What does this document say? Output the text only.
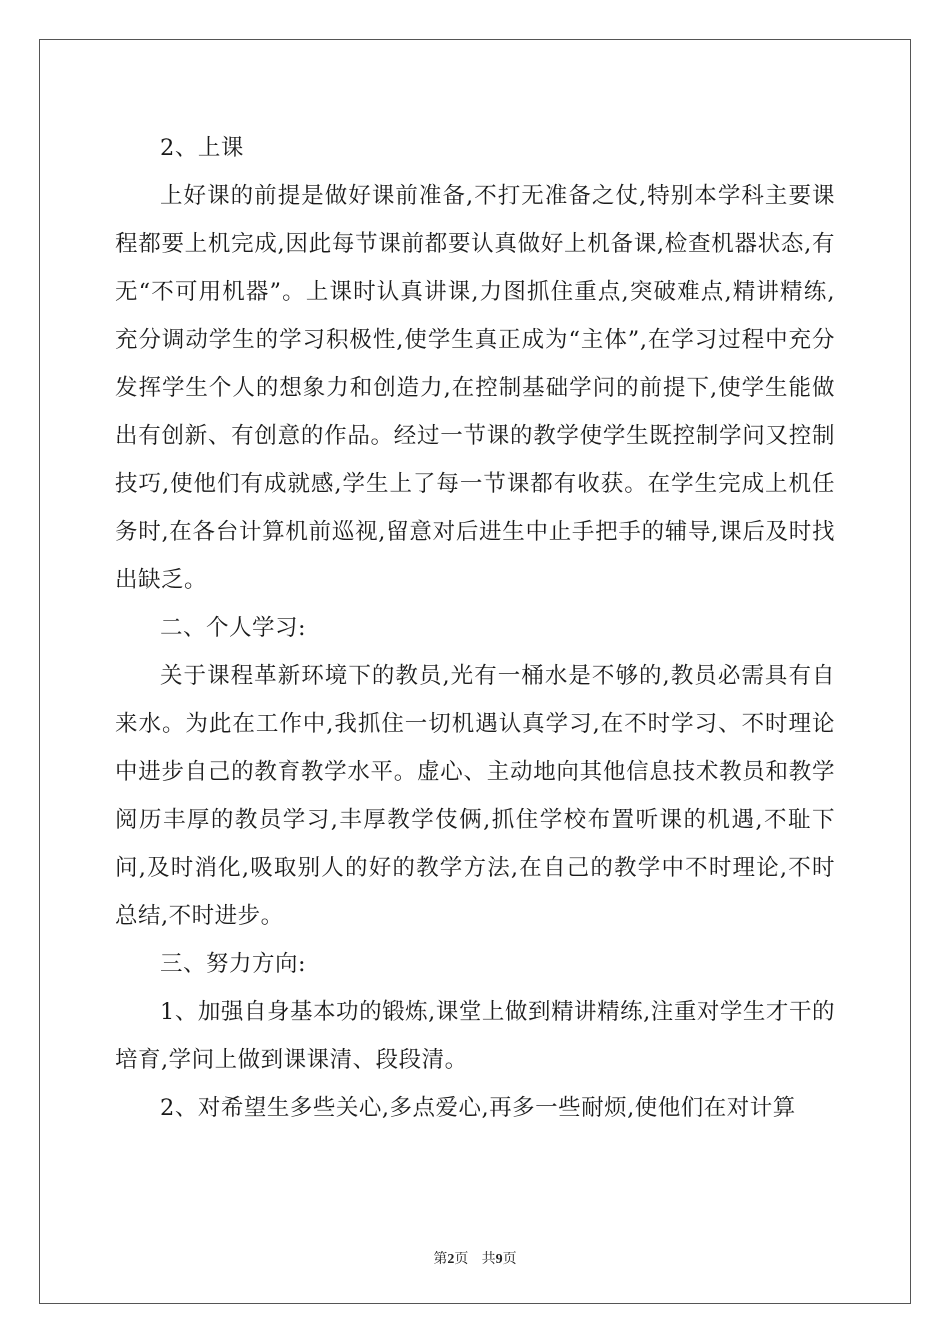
2、上课

上好课的前提是做好课前准备,不打无准备之仗,特别本学科主要课程都要上机完成,因此每节课前都要认真做好上机备课,检查机器状态,有无“不可用机器”。上课时认真讲课,力图抓住重点,突破难点,精讲精练,充分调动学生的学习积极性,使学生真正成为“主体”,在学习过程中充分发挥学生个人的想象力和创造力,在控制基础学问的前提下,使学生能做出有创新、有创意的作品。经过一节课的教学使学生既控制学问又控制技巧,使他们有成就感,学生上了每一节课都有收获。在学生完成上机任务时,在各台计算机前巡视,留意对后进生中止手把手的辅导,课后及时找出缺乏。

二、个人学习:

关于课程革新环境下的教员,光有一桶水是不够的,教员必需具有自来水。为此在工作中,我抓住一切机遇认真学习,在不时学习、不时理论中进步自己的教育教学水平。虚心、主动地向其他信息技术教员和教学阅历丰厚的教员学习,丰厚教学伎俩,抓住学校布置听课的机遇,不耻下问,及时消化,吸取别人的好的教学方法,在自己的教学中不时理论,不时总结,不时进步。

三、努力方向:

1、加强自身基本功的锻炼,课堂上做到精讲精练,注重对学生才干的培育,学问上做到课课清、段段清。

2、对希望生多些关心,多点爱心,再多一些耐烦,使他们在对计算

第2页 共9页
